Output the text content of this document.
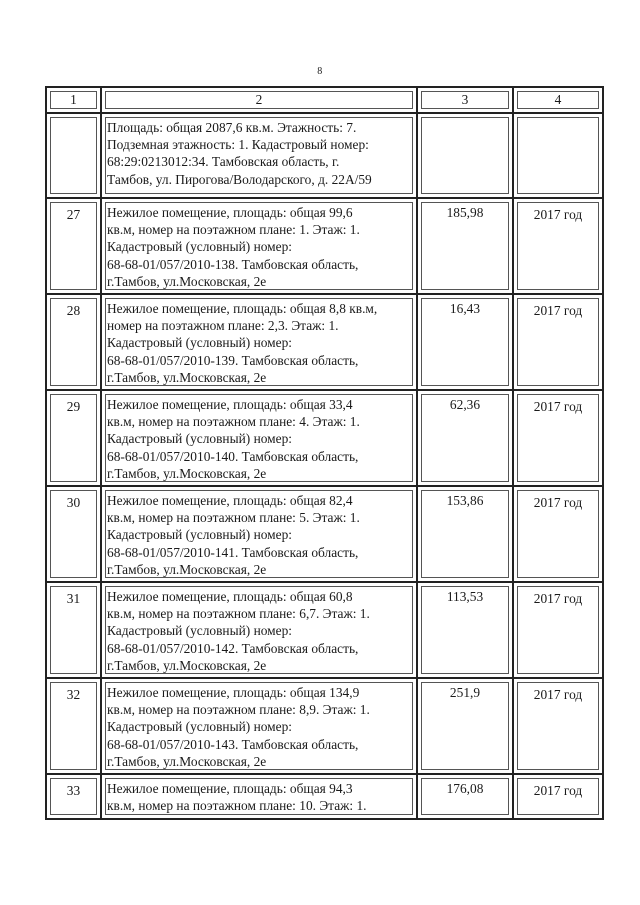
8
1	2	3	4

	Площадь: общая 2087,6 кв.м. Этажность: 7.
Подземная этажность: 1. Кадастровый номер:
68:29:0213012:34. Тамбовская область, г.
Тамбов, ул. Пирогова/Володарского, д. 22А/59		

27	Нежилое помещение, площадь: общая 99,6
кв.м, номер на поэтажном плане: 1. Этаж: 1.
Кадастровый (условный) номер:
68-68-01/057/2010-138. Тамбовская область,
г.Тамбов, ул.Московская, 2е	185,98	2017 год
28	Нежилое помещение, площадь: общая 8,8 кв.м,
номер на поэтажном плане: 2,3. Этаж: 1.
Кадастровый (условный) номер:
68-68-01/057/2010-139. Тамбовская область,
г.Тамбов, ул.Московская, 2е	16,43	2017 год
29	Нежилое помещение, площадь: общая 33,4
кв.м, номер на поэтажном плане: 4. Этаж: 1.
Кадастровый (условный) номер:
68-68-01/057/2010-140. Тамбовская область,
г.Тамбов, ул.Московская, 2е	62,36	2017 год
30	Нежилое помещение, площадь: общая 82,4
кв.м, номер на поэтажном плане: 5. Этаж: 1.
Кадастровый (условный) номер:
68-68-01/057/2010-141. Тамбовская область,
г.Тамбов, ул.Московская, 2е	153,86	2017 год
31	Нежилое помещение, площадь: общая 60,8
кв.м, номер на поэтажном плане: 6,7. Этаж: 1.
Кадастровый (условный) номер:
68-68-01/057/2010-142. Тамбовская область,
г.Тамбов, ул.Московская, 2е	113,53	2017 год
32	Нежилое помещение, площадь: общая 134,9
кв.м, номер на поэтажном плане: 8,9. Этаж: 1.
Кадастровый (условный) номер:
68-68-01/057/2010-143. Тамбовская область,
г.Тамбов, ул.Московская, 2е	251,9	2017 год
33	Нежилое помещение, площадь: общая 94,3
кв.м, номер на поэтажном плане: 10. Этаж: 1.	176,08	2017 год
